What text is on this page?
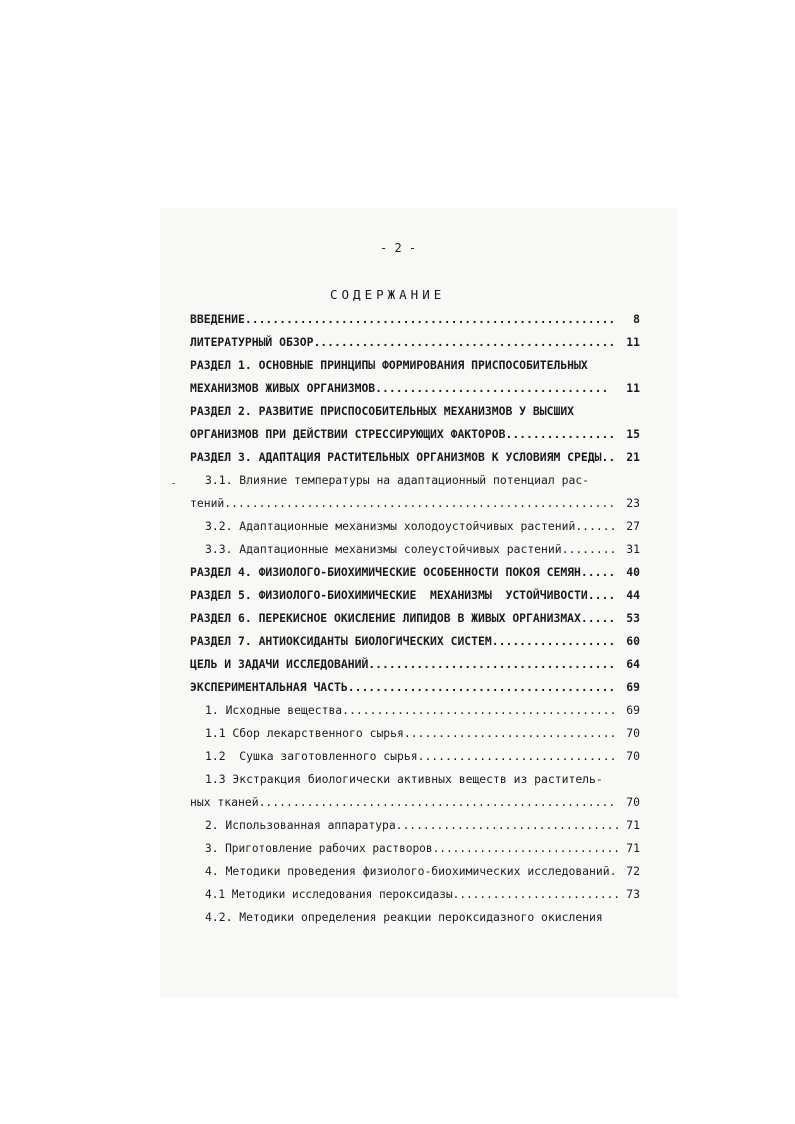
- 2 -
СОДЕРЖАНИЕ

ВВЕДЕНИЕ......................................................

8

ЛИТЕРАТУРНЫЙ ОБЗОР............................................

11

РАЗДЕЛ 1. ОСНОВНЫЕ ПРИНЦИПЫ ФОРМИРОВАНИЯ ПРИСПОСОБИТЕЛЬНЫХ

МЕХАНИЗМОВ ЖИВЫХ ОРГАНИЗМОВ..................................

11

РАЗДЕЛ 2. РАЗВИТИЕ ПРИСПОСОБИТЕЛЬНЫХ МЕХАНИЗМОВ У ВЫСШИХ

ОРГАНИЗМОВ ПРИ ДЕЙСТВИИ СТРЕССИРУЮЩИХ ФАКТОРОВ................

15

РАЗДЕЛ 3. АДАПТАЦИЯ РАСТИТЕЛЬНЫХ ОРГАНИЗМОВ К УСЛОВИЯМ СРЕДЫ..

21

3.1. Влияние температуры на адаптационный потенциал рас-

тений.........................................................

23

3.2. Адаптационные механизмы холодоустойчивых растений......

27

3.3. Адаптационные механизмы солеустойчивых растений........

31

РАЗДЕЛ 4. ФИЗИОЛОГО-БИОХИМИЧЕСКИЕ ОСОБЕННОСТИ ПОКОЯ СЕМЯН.....

40

РАЗДЕЛ 5. ФИЗИОЛОГО-БИОХИМИЧЕСКИЕ  МЕХАНИЗМЫ  УСТОЙЧИВОСТИ....

44

РАЗДЕЛ 6. ПЕРЕКИСНОЕ ОКИСЛЕНИЕ ЛИПИДОВ В ЖИВЫХ ОРГАНИЗМАХ.....

53

РАЗДЕЛ 7. АНТИОКСИДАНТЫ БИОЛОГИЧЕСКИХ СИСТЕМ..................

60

ЦЕЛЬ И ЗАДАЧИ ИССЛЕДОВАНИЙ....................................

64

ЭКСПЕРИМЕНТАЛЬНАЯ ЧАСТЬ.......................................

69

1. Исходные вещества........................................

69

1.1 Сбор лекарственного сырья...............................

70

1.2  Сушка заготовленного сырья.............................

70

1.3 Экстракция биологически активных веществ из раститель-

ных тканей....................................................

70

2. Использованная аппаратура.................................

71

3. Приготовление рабочих растворов............................

71

4. Методики проведения физиолого-биохимических исследований.

72

4.1 Методики исследования пероксидазы.........................

73

4.2. Методики определения реакции пероксидазного окисления
